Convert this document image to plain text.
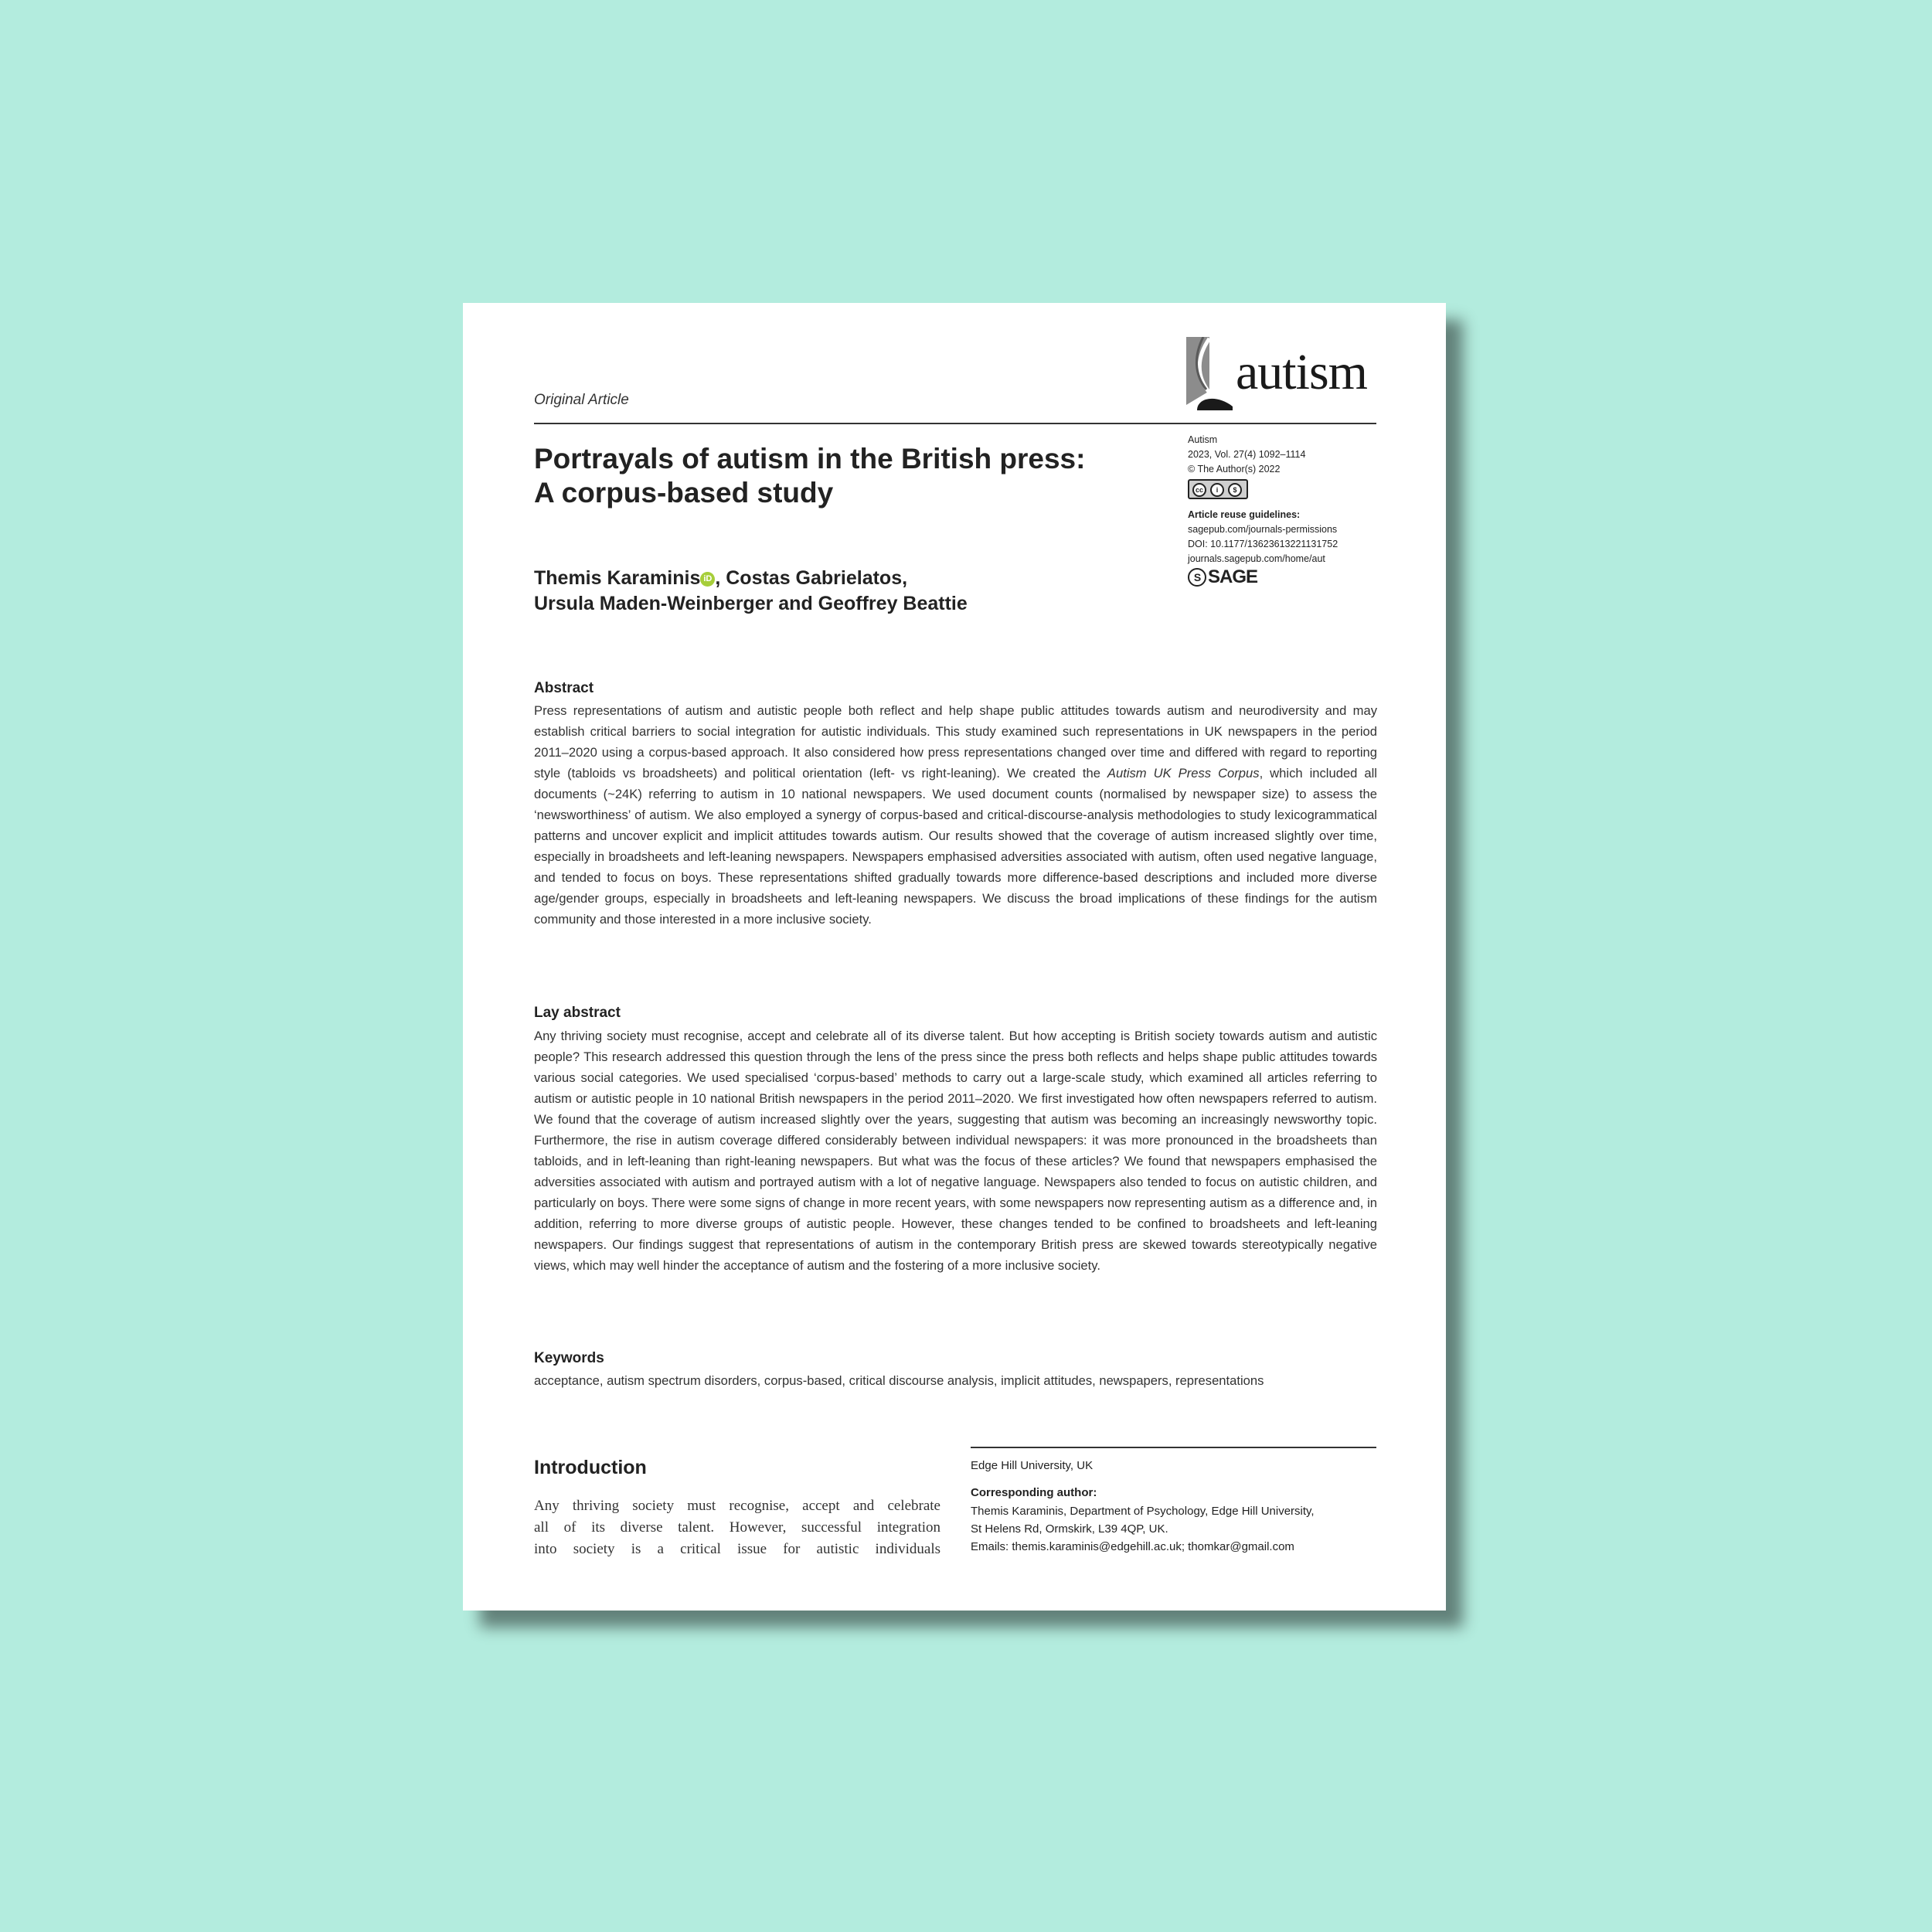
Original Article	autism
Autism
2023, Vol. 27(4) 1092–1114
© The Author(s) 2022
cc	i	$
Article reuse guidelines:
sagepub.com/journals-permissions
DOI: 10.1177/13623613221131752
journals.sagepub.com/home/aut
S SAGE
Portrayals of autism in the British press:
A corpus-based study
Themis Karaminis iD , Costas Gabrielatos,
Ursula Maden-Weinberger and Geoffrey Beattie
Abstract
Press representations of autism and autistic people both reflect and help shape public attitudes towards autism and neurodiversity and may establish critical barriers to social integration for autistic individuals. This study examined such representations in UK newspapers in the period 2011–2020 using a corpus-based approach. It also considered how press representations changed over time and differed with regard to reporting style (tabloids vs broadsheets) and political orientation (left- vs right-leaning). We created the Autism UK Press Corpus, which included all documents (~24K) referring to autism in 10 national newspapers. We used document counts (normalised by newspaper size) to assess the ‘newsworthiness’ of autism. We also employed a synergy of corpus-based and critical-discourse-analysis methodologies to study lexicogrammatical patterns and uncover explicit and implicit attitudes towards autism. Our results showed that the coverage of autism increased slightly over time, especially in broadsheets and left-leaning newspapers. Newspapers emphasised adversities associated with autism, often used negative language, and tended to focus on boys. These representations shifted gradually towards more difference-based descriptions and included more diverse age/gender groups, especially in broadsheets and left-leaning newspapers. We discuss the broad implications of these findings for the autism community and those interested in a more inclusive society.
Lay abstract
Any thriving society must recognise, accept and celebrate all of its diverse talent. But how accepting is British society towards autism and autistic people? This research addressed this question through the lens of the press since the press both reflects and helps shape public attitudes towards various social categories. We used specialised ‘corpus-based’ methods to carry out a large-scale study, which examined all articles referring to autism or autistic people in 10 national British newspapers in the period 2011–2020. We first investigated how often newspapers referred to autism. We found that the coverage of autism increased slightly over the years, suggesting that autism was becoming an increasingly newsworthy topic. Furthermore, the rise in autism coverage differed considerably between individual newspapers: it was more pronounced in the broadsheets than tabloids, and in left-leaning than right-leaning newspapers. But what was the focus of these articles? We found that newspapers emphasised the adversities associated with autism and portrayed autism with a lot of negative language. Newspapers also tended to focus on autistic children, and particularly on boys. There were some signs of change in more recent years, with some newspapers now representing autism as a difference and, in addition, referring to more diverse groups of autistic people. However, these changes tended to be confined to broadsheets and left-leaning newspapers. Our findings suggest that representations of autism in the contemporary British press are skewed towards stereotypically negative views, which may well hinder the acceptance of autism and the fostering of a more inclusive society.
Keywords
acceptance, autism spectrum disorders, corpus-based, critical discourse analysis, implicit attitudes, newspapers, representations
Introduction
Any thriving society must recognise, accept and celebrate
all of its diverse talent. However, successful integration
into society is a critical issue for autistic individuals
Edge Hill University, UK
Corresponding author:
Themis Karaminis, Department of Psychology, Edge Hill University,
St Helens Rd, Ormskirk, L39 4QP, UK.
Emails: themis.karaminis@edgehill.ac.uk; thomkar@gmail.com
